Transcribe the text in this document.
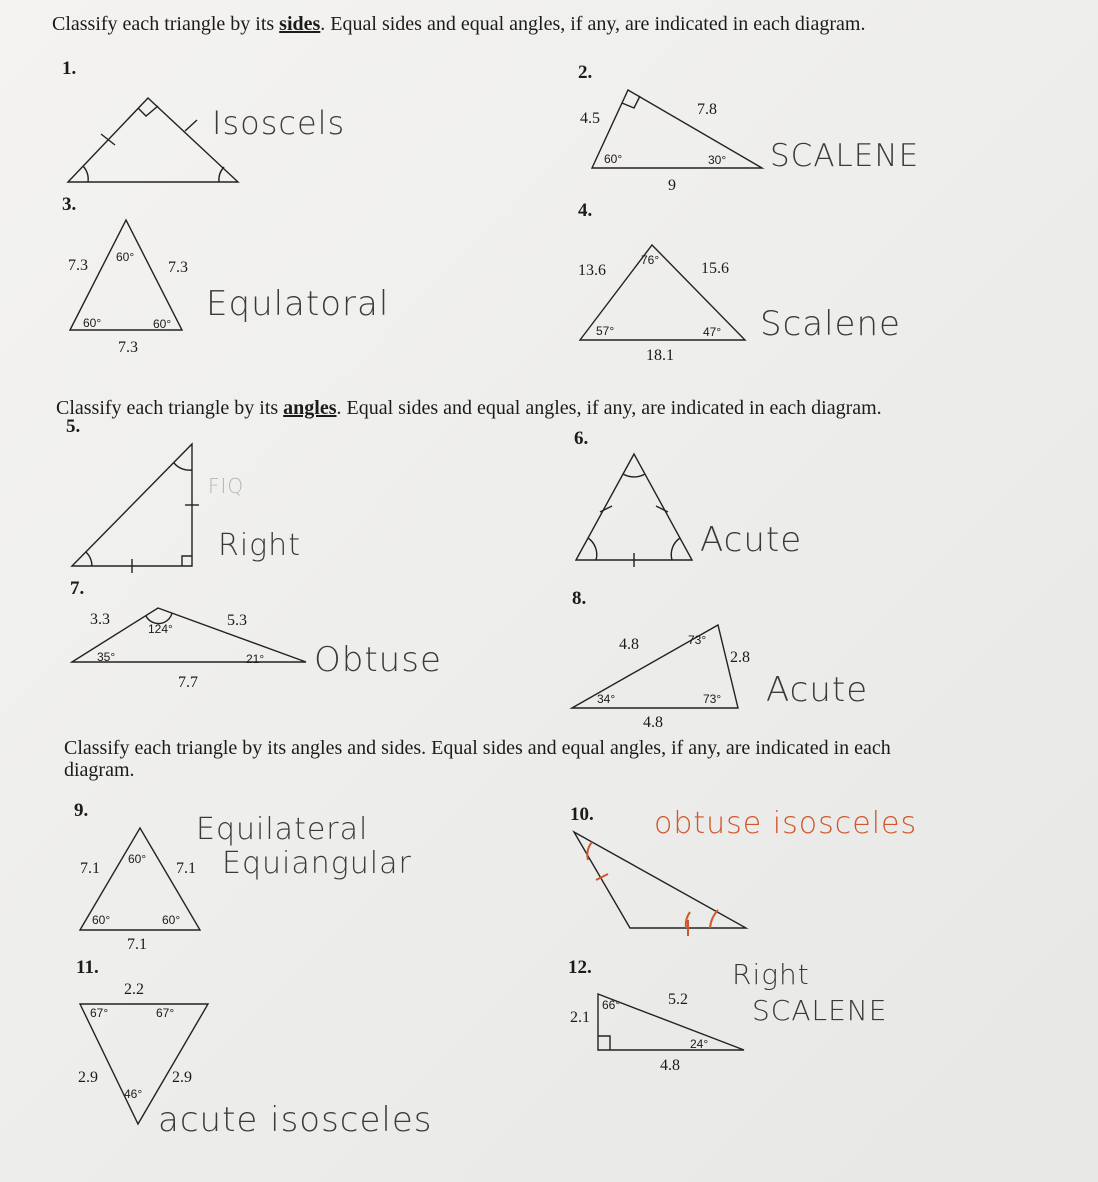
Classify each triangle by its sides. Equal sides and equal angles, if any, are indicated in each diagram.
Classify each triangle by its angles. Equal sides and equal angles, if any, are indicated in each diagram.
Classify each triangle by its angles and sides. Equal sides and equal angles, if any, are indicated in each
diagram.
1.	2.
3.	4.
5.
6.
7.	8.
9.	10.
11.	12.
Isoscels	4.5
7.8
9
60°	30° SCALENE
7.3	7.3
7.3
60°
60°	60° Equlatoral
13.6	15.6
18.1
76°
57°	47° Scalene
FIQ
Right	Acute
3.3	5.3
7.7
124°
35°	21° Obtuse	4.8
2.8
4.8
73°
34°	73° Acute
7.1	7.1
7.1
60°
60°	60°
Equilateral
Equiangular
obtuse isosceles
2.2
2.9	2.9
67°	67°
46°
acute isosceles
2.1
5.2
4.8
66°
24°
Right
SCALENE
